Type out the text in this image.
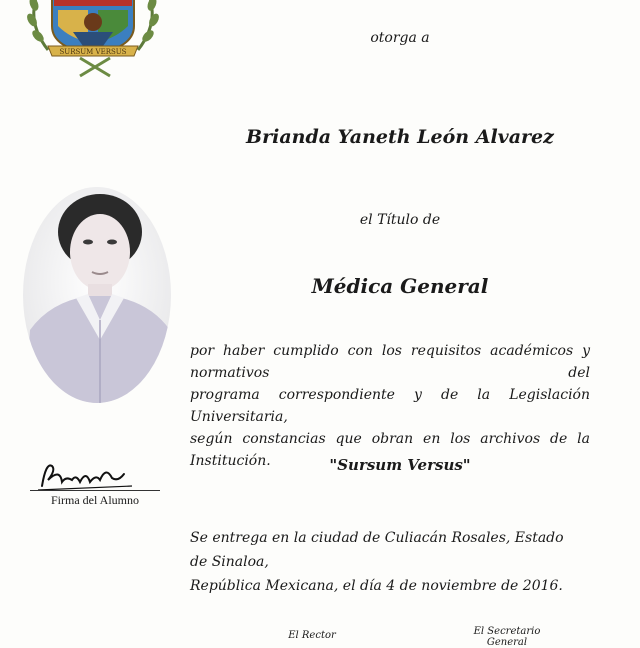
SURSUM VERSUS
otorga a
Brianda Yaneth León Alvarez
el Título de
Médica General
por haber cumplido con los requisitos académicos y normativos del
programa correspondiente y de la Legislación Universitaria,
según constancias que obran en los archivos de la Institución.	"Sursum Versus"
Firma del Alumno
Se entrega en la ciudad de Culiacán Rosales, Estado de Sinaloa,
República Mexicana, el día 4 de noviembre de 2016.
El Rector	El Secretario General
